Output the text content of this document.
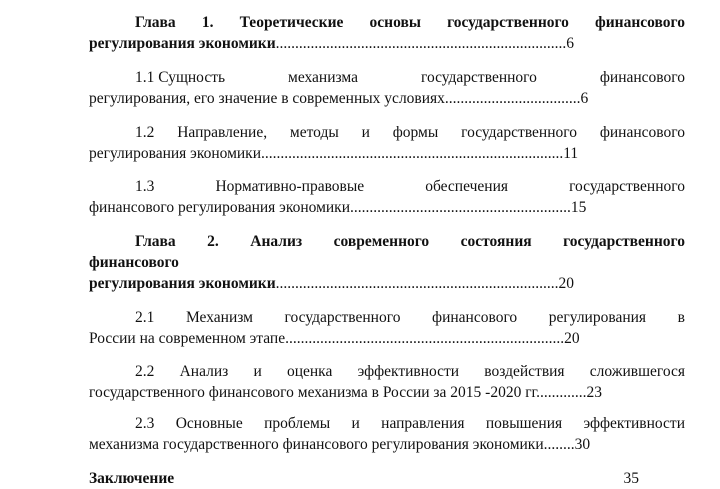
Глава 1. Теоретические основы государственного финансового
регулирования экономики...........................................................................6
1.1 Сущность	механизма	государственного	финансового
регулирования, его значение в современных условиях...................................6
1.2 Направление, методы и формы государственного финансового
регулирования экономики..............................................................................11
1.3	Нормативно-правовые	обеспечения	государственного
финансового регулирования экономики.........................................................15
Глава 2. Анализ современного состояния государственного
финансового
регулирования экономики.........................................................................20
2.1 Механизм государственного финансового регулирования в
России на современном этапе........................................................................20
2.2 Анализ и оценка эффективности воздействия сложившегося
государственного финансового механизма в России за 2015 -2020 гг.............23
2.3 Основные проблемы и направления повышения эффективности
механизма государственного финансового регулирования экономики........30
Заключение	35
